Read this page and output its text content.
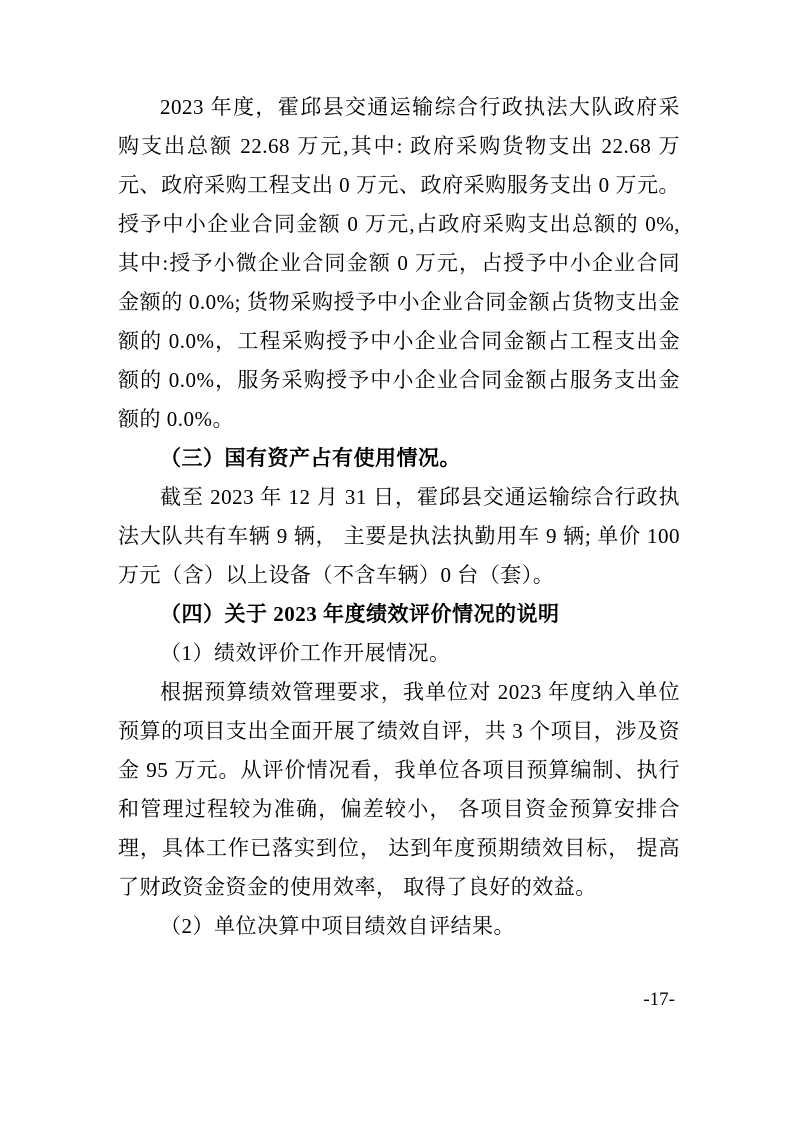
2023 年度，霍邱县交通运输综合行政执法大队政府采购支出总额 22.68 万元,其中: 政府采购货物支出 22.68 万元、政府采购工程支出 0 万元、政府采购服务支出 0 万元。授予中小企业合同金额 0 万元,占政府采购支出总额的 0%,其中:授予小微企业合同金额 0 万元，占授予中小企业合同金额的 0.0%; 货物采购授予中小企业合同金额占货物支出金额的 0.0%，工程采购授予中小企业合同金额占工程支出金额的 0.0%，服务采购授予中小企业合同金额占服务支出金额的 0.0%。

（三）国有资产占有使用情况。

截至 2023 年 12 月 31 日，霍邱县交通运输综合行政执法大队共有车辆 9 辆， 主要是执法执勤用车 9 辆; 单价 100 万元（含）以上设备（不含车辆）0 台（套）。

（四）关于 2023 年度绩效评价情况的说明

（1）绩效评价工作开展情况。

根据预算绩效管理要求，我单位对 2023 年度纳入单位预算的项目支出全面开展了绩效自评，共 3 个项目，涉及资金 95 万元。从评价情况看，我单位各项目预算编制、执行和管理过程较为准确，偏差较小， 各项目资金预算安排合理，具体工作已落实到位， 达到年度预期绩效目标， 提高了财政资金资金的使用效率， 取得了良好的效益。

（2）单位决算中项目绩效自评结果。

-17-
